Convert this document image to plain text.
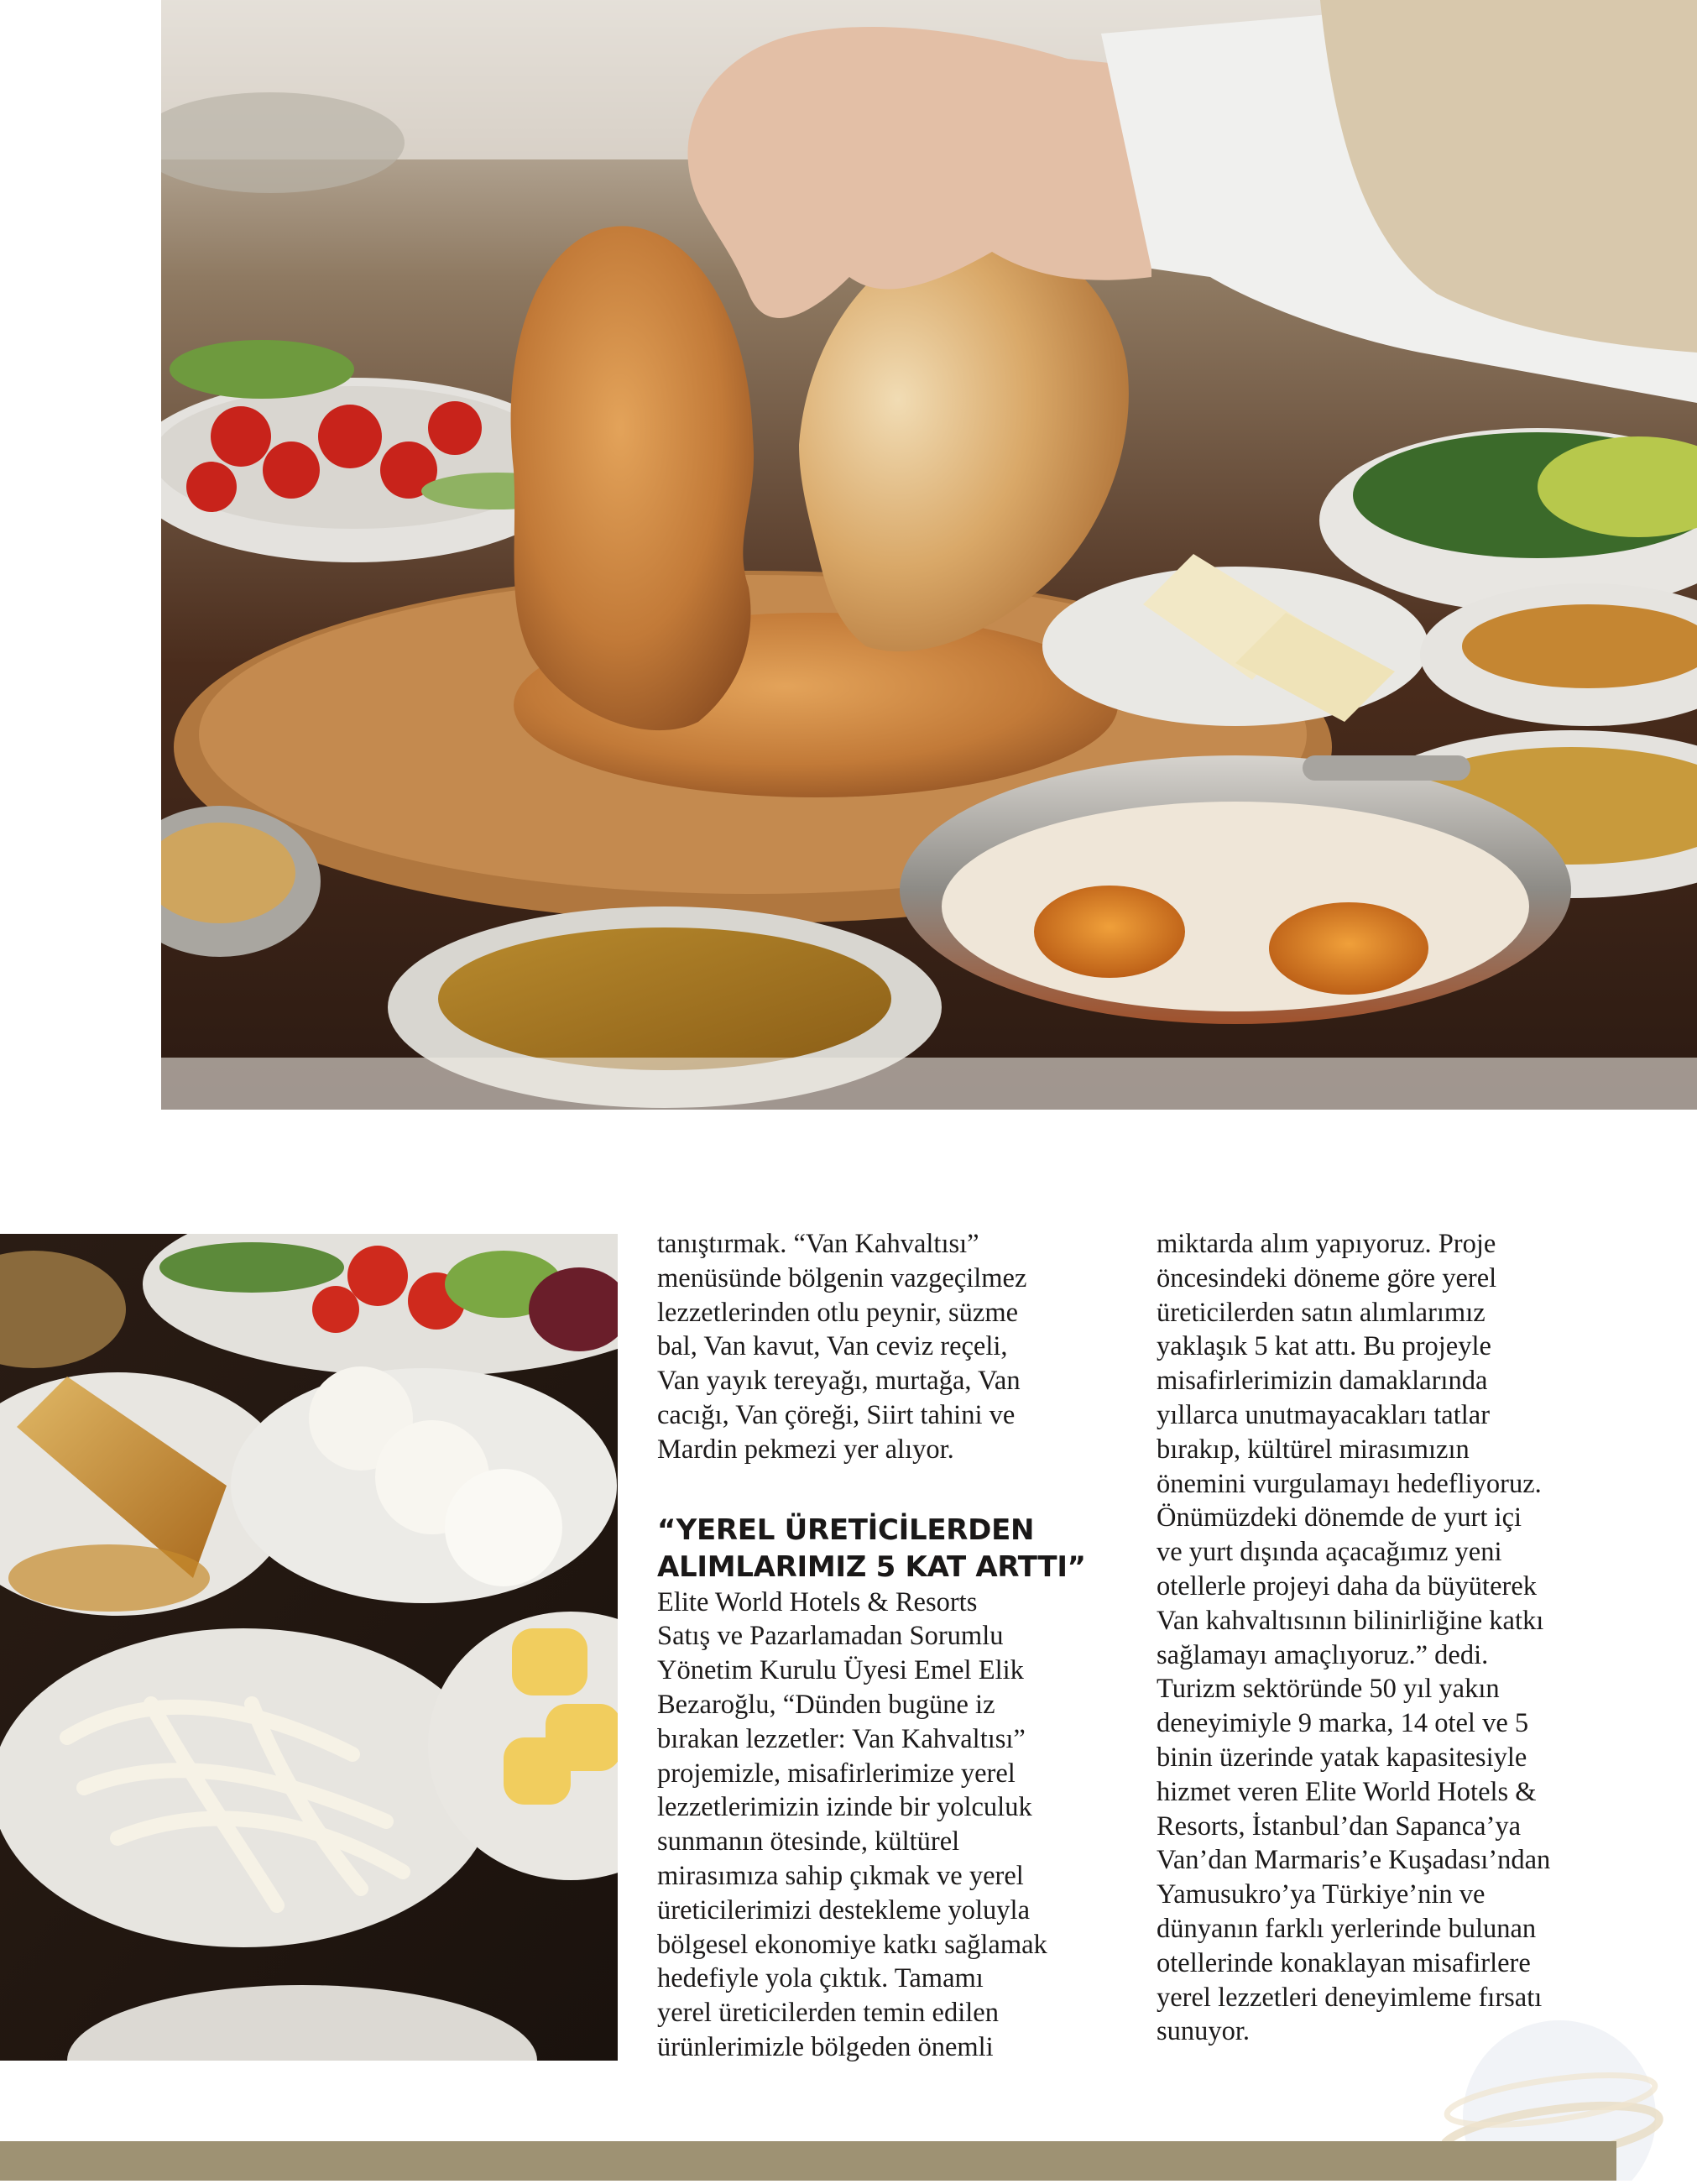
tanıştırmak. “Van Kahvaltısı”
menüsünde bölgenin vazgeçilmez
lezzetlerinden otlu peynir, süzme
bal, Van kavut, Van ceviz reçeli,
Van yayık tereyağı, murtağa, Van
cacığı, Van çöreği, Siirt tahini ve
Mardin pekmezi yer alıyor.

“YEREL ÜRETİCİLERDEN
ALIMLARIMIZ 5 KAT ARTTI”

Elite World Hotels & Resorts
Satış ve Pazarlamadan Sorumlu
Yönetim Kurulu Üyesi Emel Elik
Bezaroğlu, “Dünden bugüne iz
bırakan lezzetler: Van Kahvaltısı”
projemizle, misafirlerimize yerel
lezzetlerimizin izinde bir yolculuk
sunmanın ötesinde, kültürel
mirasımıza sahip çıkmak ve yerel
üreticilerimizi destekleme yoluyla
bölgesel ekonomiye katkı sağlamak
hedefiyle yola çıktık. Tamamı
yerel üreticilerden temin edilen
ürünlerimizle bölgeden önemli

miktarda alım yapıyoruz. Proje
öncesindeki döneme göre yerel
üreticilerden satın alımlarımız
yaklaşık 5 kat attı. Bu projeyle
misafirlerimizin damaklarında
yıllarca unutmayacakları tatlar
bırakıp, kültürel mirasımızın
önemini vurgulamayı hedefliyoruz.
Önümüzdeki dönemde de yurt içi
ve yurt dışında açacağımız yeni
otellerle projeyi daha da büyüterek
Van kahvaltısının bilinirliğine katkı
sağlamayı amaçlıyoruz.” dedi.
Turizm sektöründe 50 yıl yakın
deneyimiyle 9 marka, 14 otel ve 5
binin üzerinde yatak kapasitesiyle
hizmet veren Elite World Hotels &
Resorts, İstanbul’dan Sapanca’ya
Van’dan Marmaris’e Kuşadası’ndan
Yamusukro’ya Türkiye’nin ve
dünyanın farklı yerlerinde bulunan
otellerinde konaklayan misafirlere
yerel lezzetleri deneyimleme fırsatı
sunuyor.
